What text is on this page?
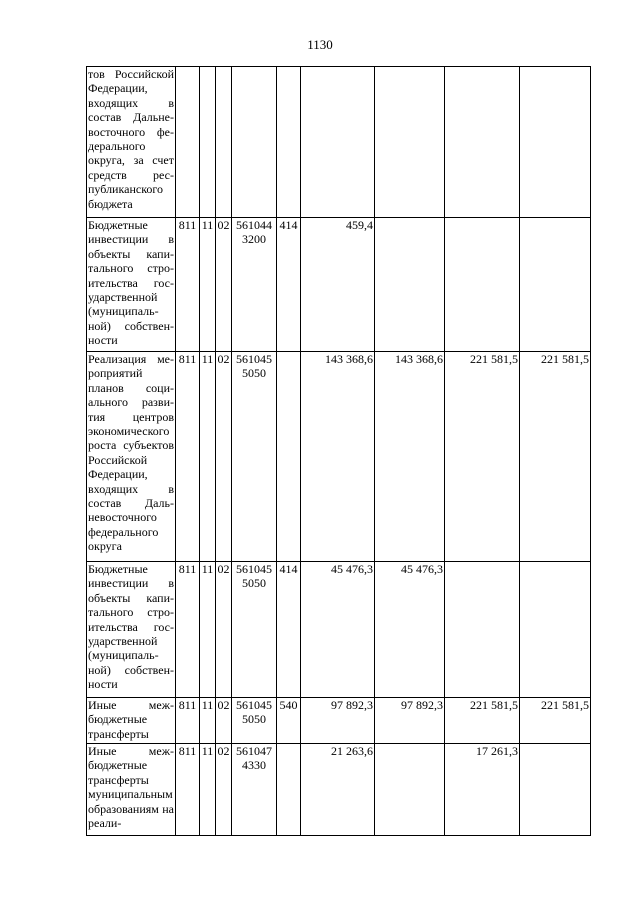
1130
тов Российской Федерации, входящих в состав Дальневосточного федерального округа, за счет средств республиканского бюджета									
Бюджетные инвестиции в объекты капитального строительства государственной (муниципальной) собственности	811	11	02	561044 3200	414	459,4			
Реализация мероприятий планов социального развития центров экономического роста субъектов Российской Федерации, входящих в состав Дальневосточного федерального округа	811	11	02	561045 5050		143 368,6	143 368,6	221 581,5	221 581,5
Бюджетные инвестиции в объекты капитального строительства государственной (муниципальной) собственности	811	11	02	561045 5050	414	45 476,3	45 476,3		
Иные межбюджетные трансферты	811	11	02	561045 5050	540	97 892,3	97 892,3	221 581,5	221 581,5
Иные межбюджетные трансферты муниципальным образованиям на реали-	811	11	02	561047 4330		21 263,6		17 261,3	
